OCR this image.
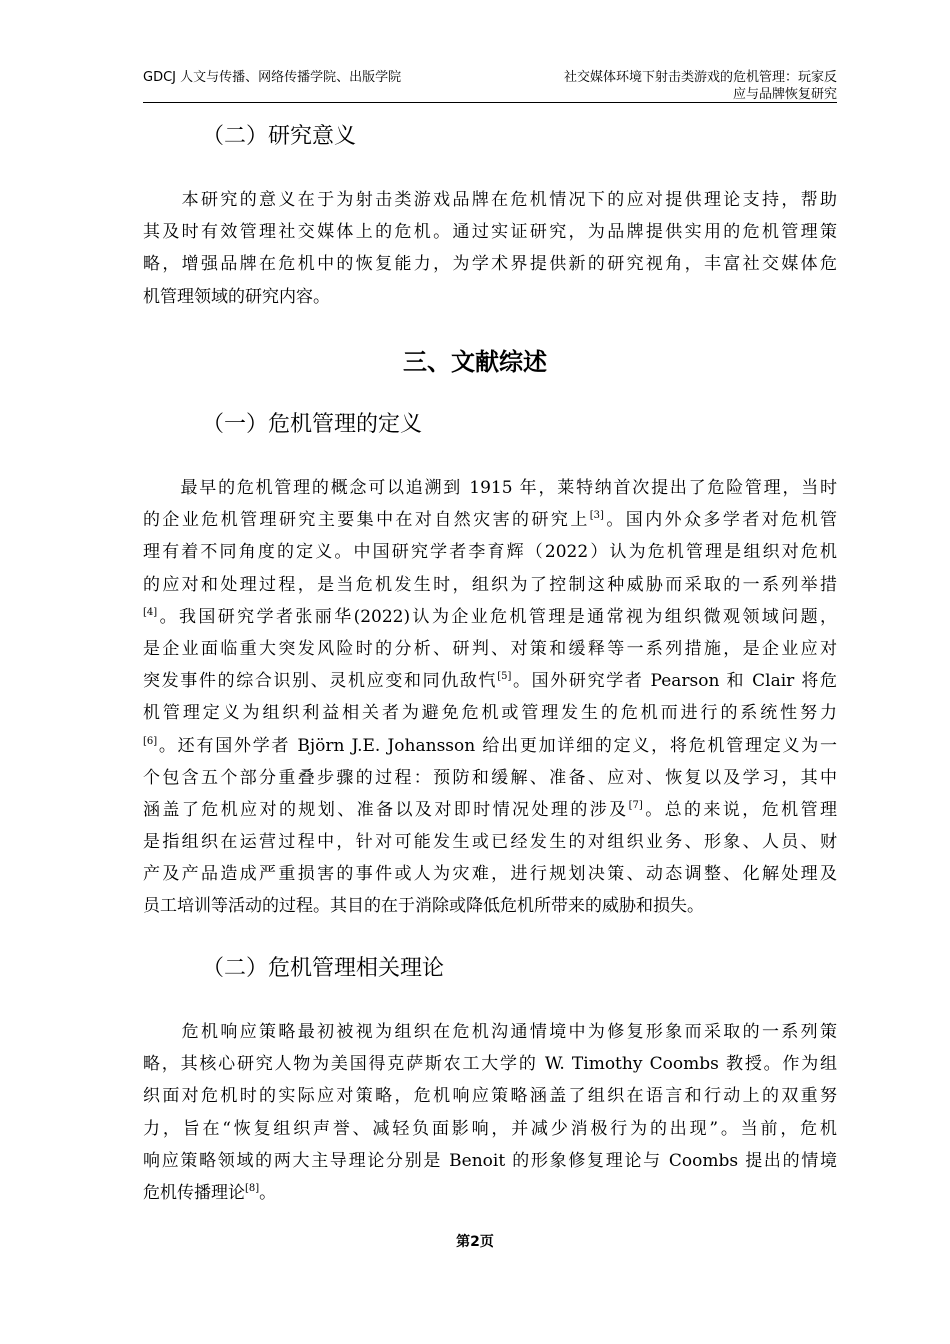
GDCJ 人文与传播、网络传播学院、出版学院	社交媒体环境下射击类游戏的危机管理：玩家反
应与品牌恢复研究
（二）研究意义
　　本研究的意义在于为射击类游戏品牌在危机情况下的应对提供理论支持，帮助
其及时有效管理社交媒体上的危机。通过实证研究，为品牌提供实用的危机管理策
略，增强品牌在危机中的恢复能力，为学术界提供新的研究视角，丰富社交媒体危
机管理领域的研究内容。
三、文献综述
（一）危机管理的定义
　　最早的危机管理的概念可以追溯到 1915 年，莱特纳首次提出了危险管理，当时
的企业危机管理研究主要集中在对自然灾害的研究上[3]。国内外众多学者对危机管
理有着不同角度的定义。中国研究学者李育辉（2022）认为危机管理是组织对危机
的应对和处理过程，是当危机发生时，组织为了控制这种威胁而采取的一系列举措
[4]。我国研究学者张丽华(2022)认为企业危机管理是通常视为组织微观领域问题，
是企业面临重大突发风险时的分析、研判、对策和缓释等一系列措施，是企业应对
突发事件的综合识别、灵机应变和同仇敌忾[5]。国外研究学者 Pearson 和 Clair 将危
机管理定义为组织利益相关者为避免危机或管理发生的危机而进行的系统性努力
[6]。还有国外学者 Björn J.E. Johansson 给出更加详细的定义，将危机管理定义为一
个包含五个部分重叠步骤的过程：预防和缓解、准备、应对、恢复以及学习，其中
涵盖了危机应对的规划、准备以及对即时情况处理的涉及[7]。总的来说，危机管理
是指组织在运营过程中，针对可能发生或已经发生的对组织业务、形象、人员、财
产及产品造成严重损害的事件或人为灾难，进行规划决策、动态调整、化解处理及
员工培训等活动的过程。其目的在于消除或降低危机所带来的威胁和损失。
（二）危机管理相关理论
　　危机响应策略最初被视为组织在危机沟通情境中为修复形象而采取的一系列策
略，其核心研究人物为美国得克萨斯农工大学的 W. Timothy Coombs 教授。作为组
织面对危机时的实际应对策略，危机响应策略涵盖了组织在语言和行动上的双重努
力，旨在“恢复组织声誉、减轻负面影响，并减少消极行为的出现”。当前，危机
响应策略领域的两大主导理论分别是 Benoit 的形象修复理论与 Coombs 提出的情境
危机传播理论[8]。
第2页
